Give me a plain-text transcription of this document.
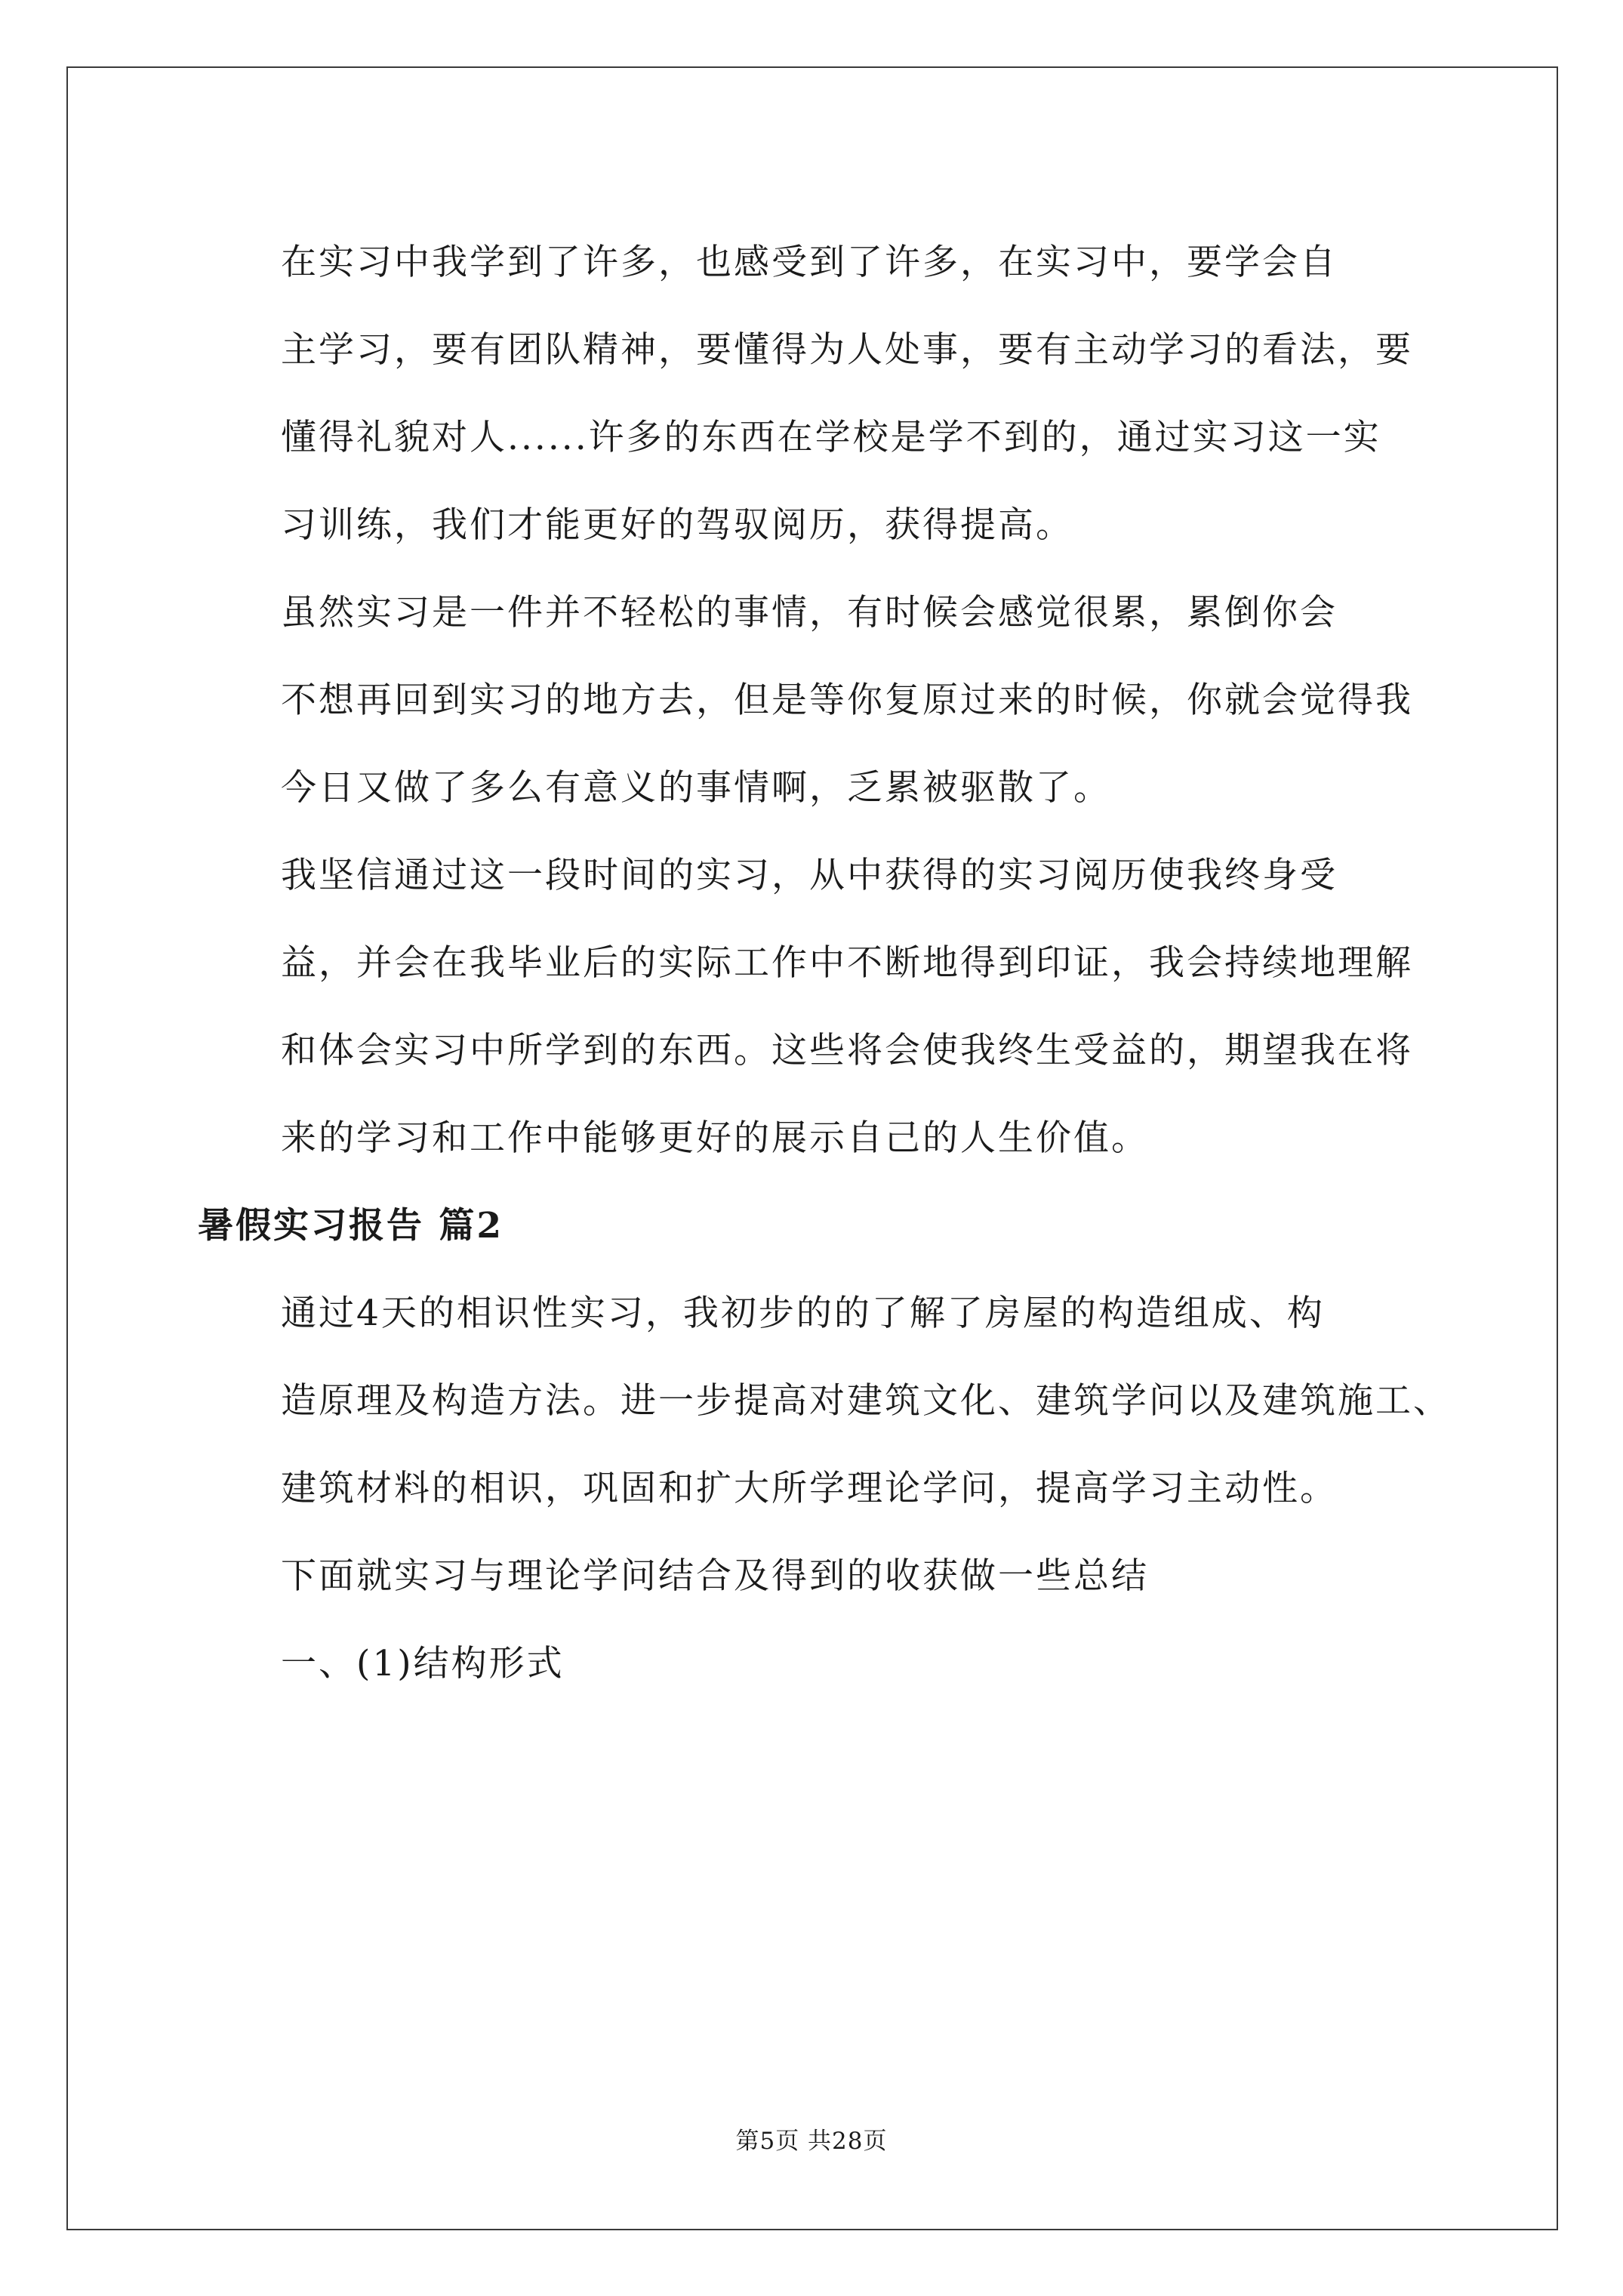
在实习中我学到了许多，也感受到了许多，在实习中，要学会自
主学习，要有团队精神，要懂得为人处事，要有主动学习的看法，要
懂得礼貌对人......许多的东西在学校是学不到的，通过实习这一实
习训练，我们才能更好的驾驭阅历，获得提高。

虽然实习是一件并不轻松的事情，有时候会感觉很累，累倒你会
不想再回到实习的地方去，但是等你复原过来的时候，你就会觉得我
今日又做了多么有意义的事情啊，乏累被驱散了。

我坚信通过这一段时间的实习，从中获得的实习阅历使我终身受
益，并会在我毕业后的实际工作中不断地得到印证，我会持续地理解
和体会实习中所学到的东西。这些将会使我终生受益的，期望我在将
来的学习和工作中能够更好的展示自己的人生价值。

暑假实习报告 篇2

通过4天的相识性实习，我初步的的了解了房屋的构造组成、构
造原理及构造方法。进一步提高对建筑文化、建筑学问以及建筑施工、
建筑材料的相识，巩固和扩大所学理论学问，提高学习主动性。

下面就实习与理论学问结合及得到的收获做一些总结

一、(1)结构形式

第5页 共28页
